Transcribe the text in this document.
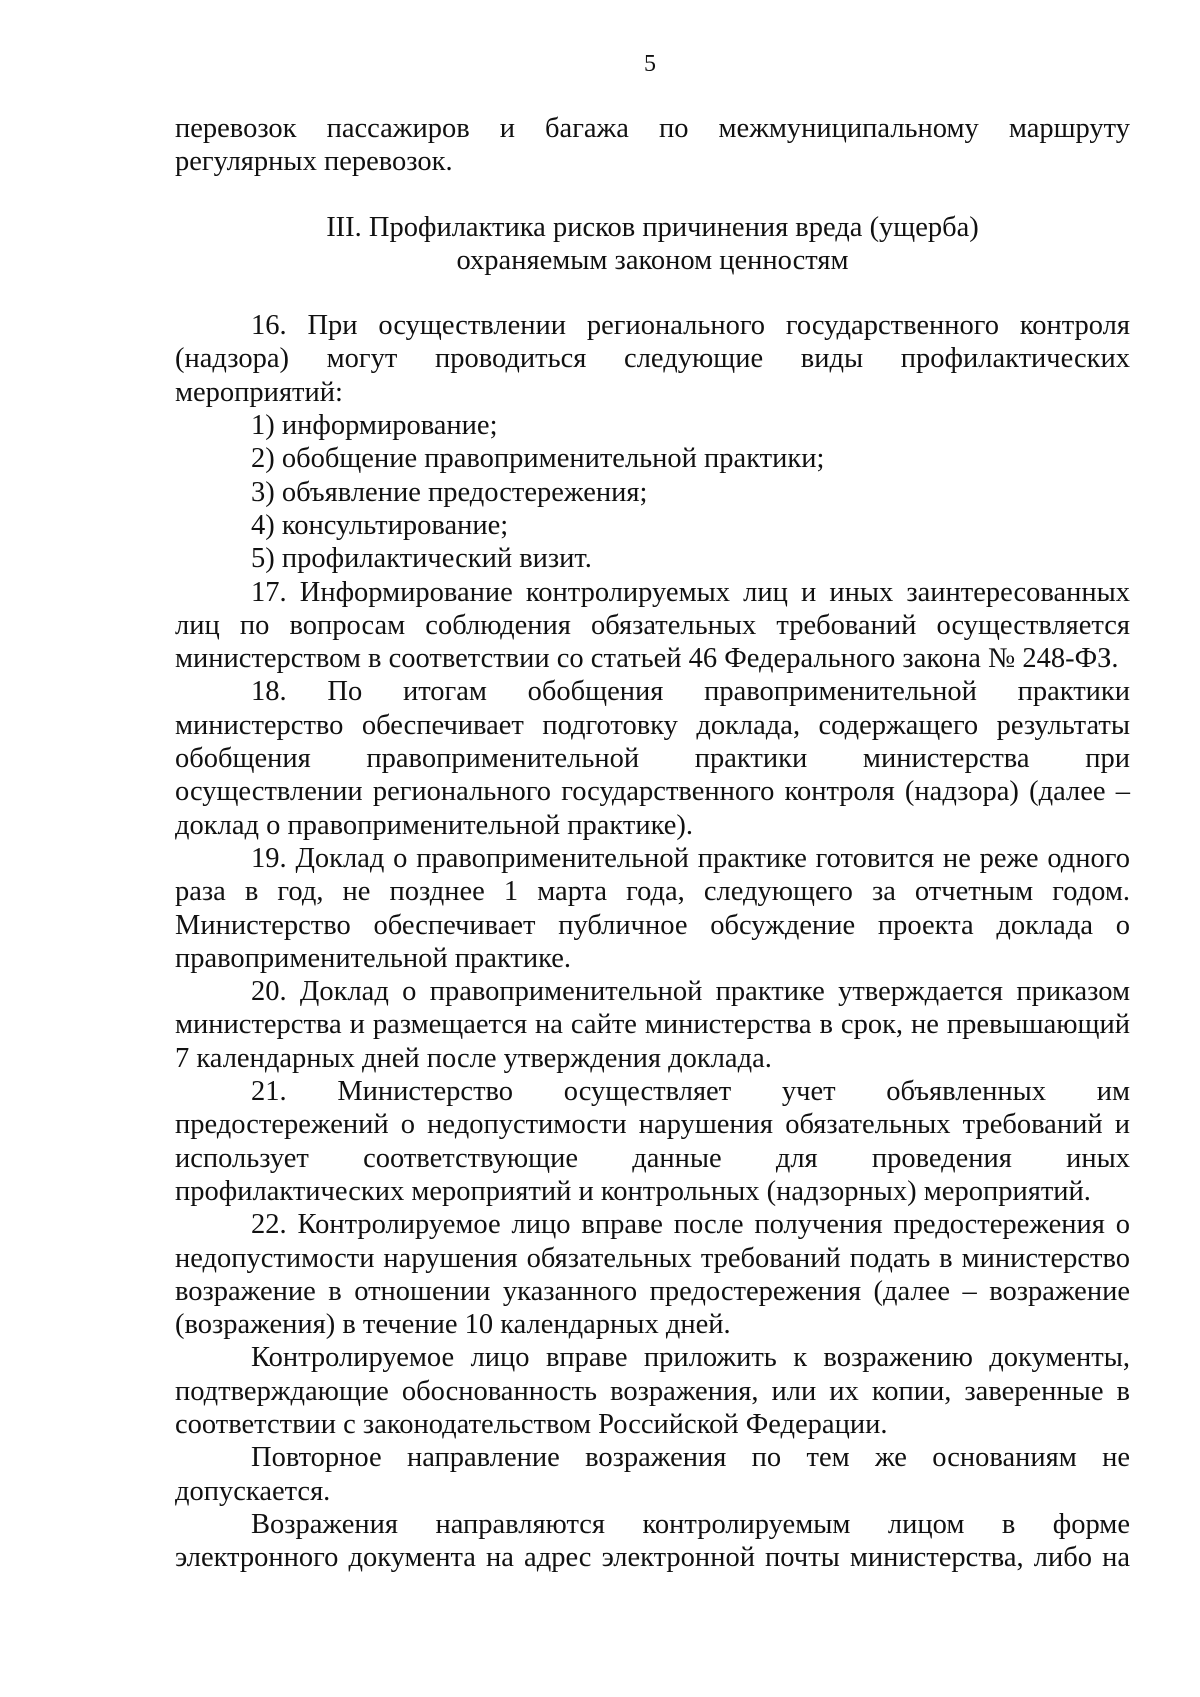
5

перевозок пассажиров и багажа по межмуниципальному маршруту

регулярных перевозок.

III. Профилактика рисков причинения вреда (ущерба)
охраняемым законом ценностям

16. При осуществлении регионального государственного контроля (надзора) могут проводиться следующие виды профилактических мероприятий:

1) информирование;

2) обобщение правоприменительной практики;

3) объявление предостережения;

4) консультирование;

5) профилактический визит.

17. Информирование контролируемых лиц и иных заинтересованных лиц по вопросам соблюдения обязательных требований осуществляется министерством в соответствии со статьей 46 Федерального закона № 248-ФЗ.

18. По итогам обобщения правоприменительной практики министерство обеспечивает подготовку доклада, содержащего результаты обобщения правоприменительной практики министерства при осуществлении регионального государственного контроля (надзора) (далее – доклад о правоприменительной практике).

19. Доклад о правоприменительной практике готовится не реже одного раза в год, не позднее 1 марта года, следующего за отчетным годом. Министерство обеспечивает публичное обсуждение проекта доклада о правоприменительной практике.

20. Доклад о правоприменительной практике утверждается приказом министерства и размещается на сайте министерства в срок, не превышающий 7 календарных дней после утверждения доклада.

21. Министерство осуществляет учет объявленных им предостережений о недопустимости нарушения обязательных требований и использует соответствующие данные для проведения иных профилактических мероприятий и контрольных (надзорных) мероприятий.

22. Контролируемое лицо вправе после получения предостережения о недопустимости нарушения обязательных требований подать в министерство возражение в отношении указанного предостережения (далее – возражение (возражения) в течение 10 календарных дней.

Контролируемое лицо вправе приложить к возражению документы, подтверждающие обоснованность возражения, или их копии, заверенные в соответствии с законодательством Российской Федерации.

Повторное направление возражения по тем же основаниям не допускается.

Возражения направляются контролируемым лицом в форме электронного документа на адрес электронной почты министерства, либо на
